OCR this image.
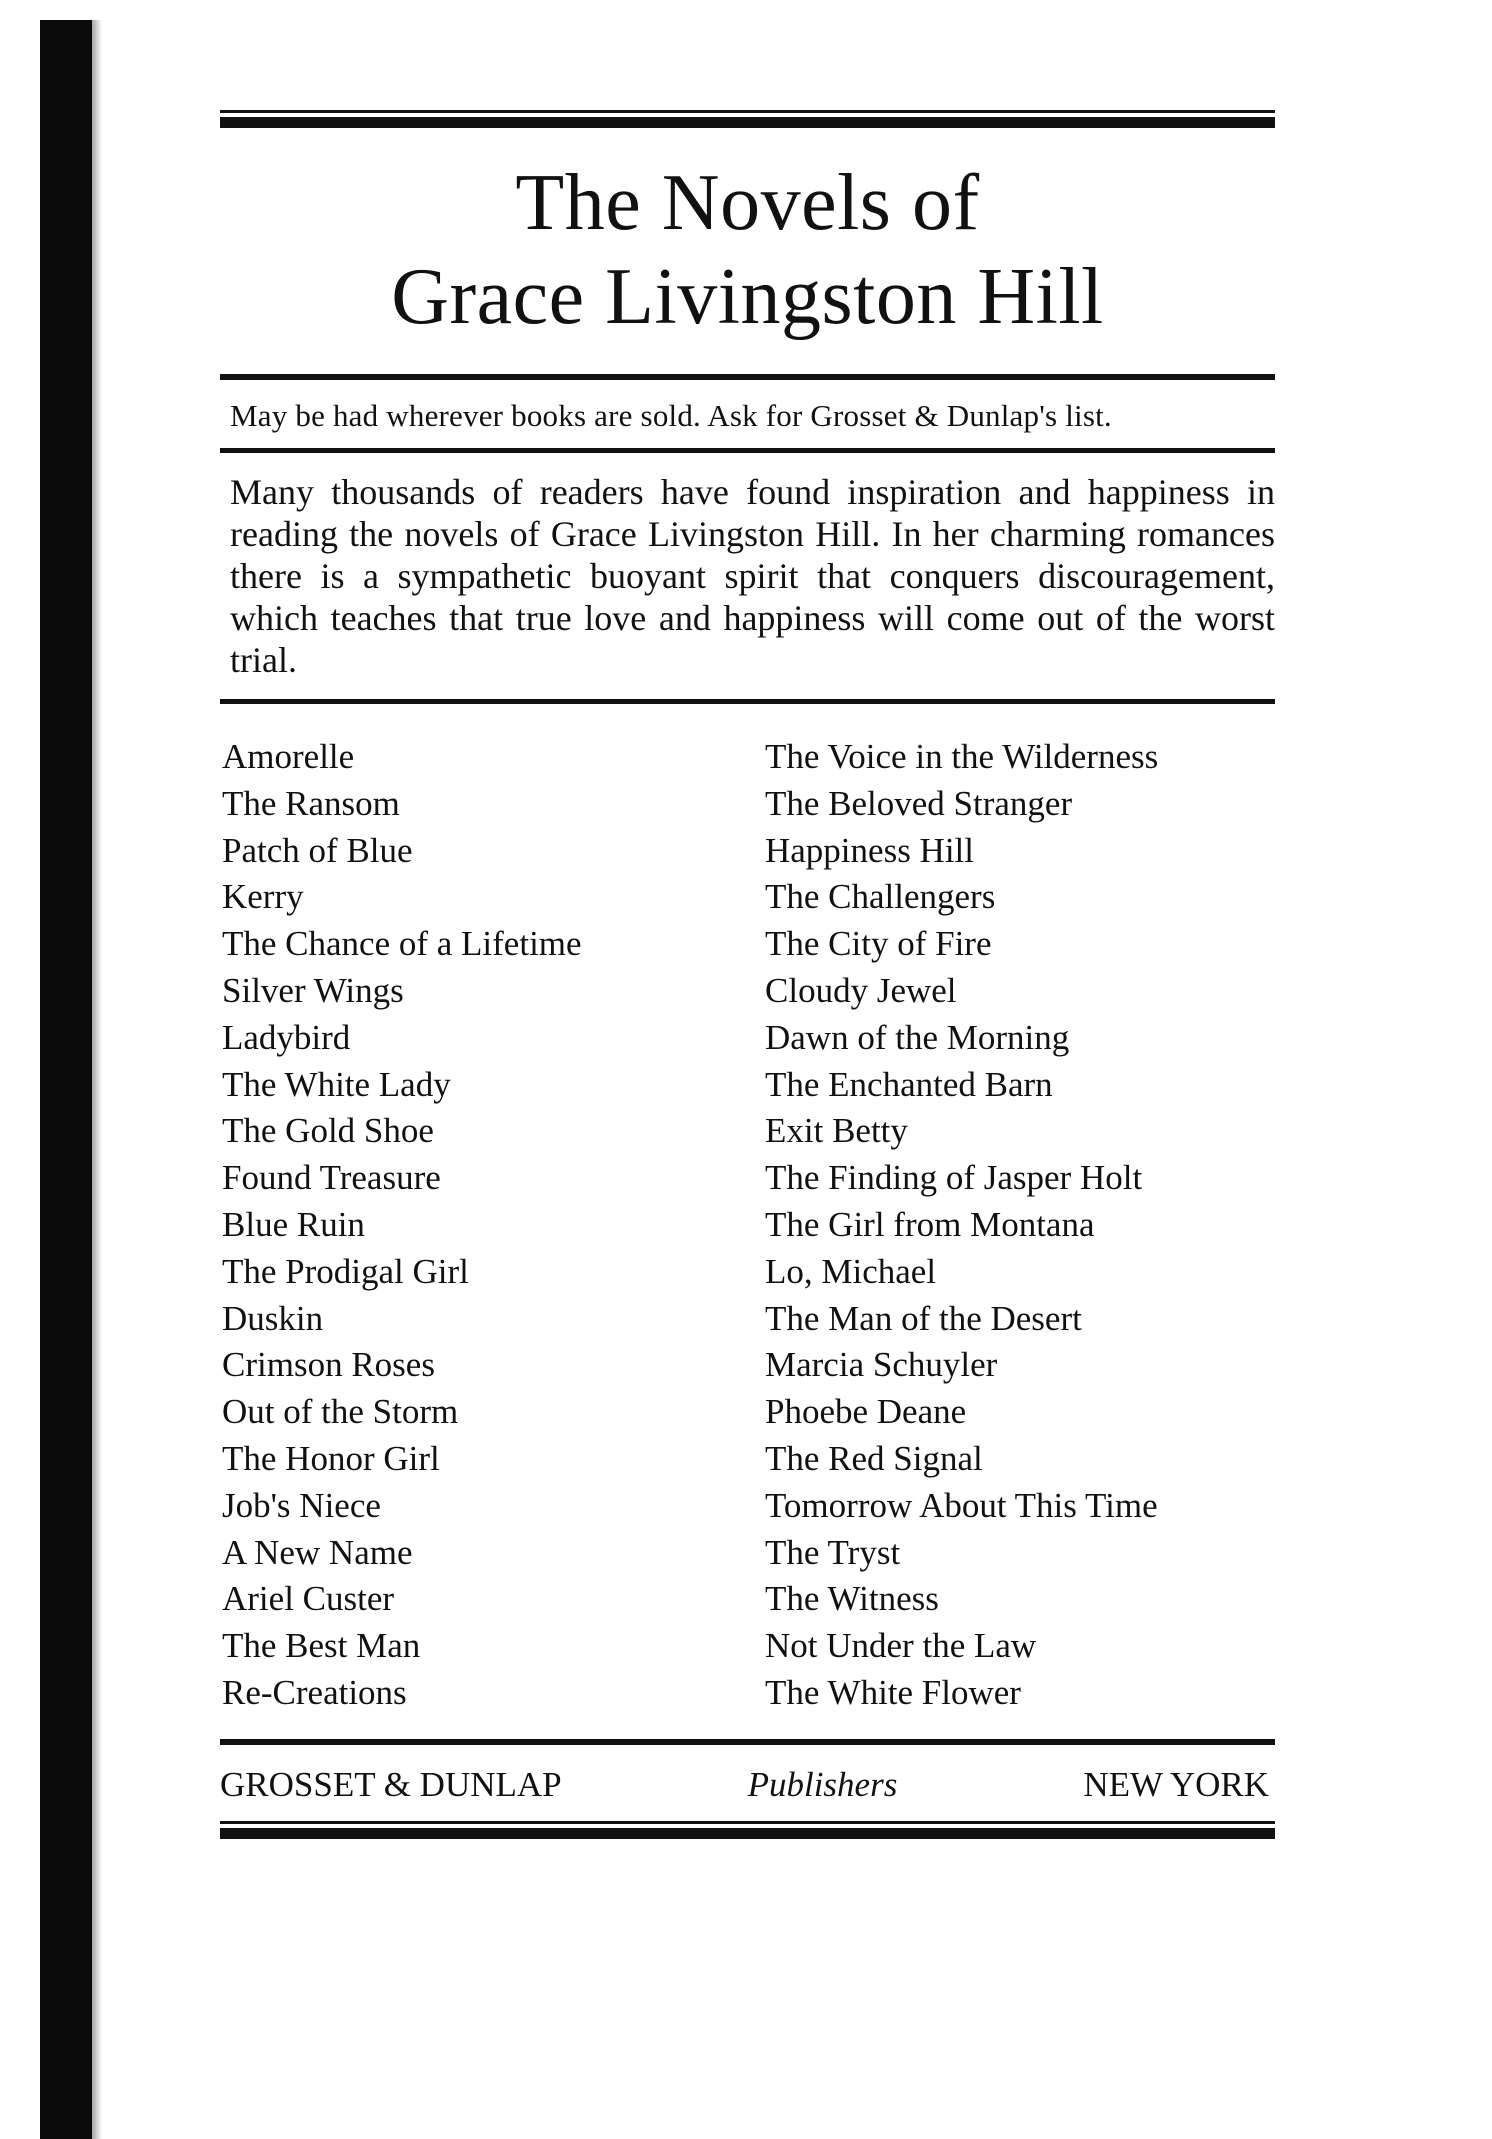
The Novels of
Grace Livingston Hill
May be had wherever books are sold. Ask for Grosset & Dunlap's list.
Many thousands of readers have found inspiration and happiness in reading the novels of Grace Livingston Hill. In her charming romances there is a sympathetic buoyant spirit that conquers discouragement, which teaches that true love and happiness will come out of the worst trial.
Amorelle
The Ransom
Patch of Blue
Kerry
The Chance of a Lifetime
Silver Wings
Ladybird
The White Lady
The Gold Shoe
Found Treasure
Blue Ruin
The Prodigal Girl
Duskin
Crimson Roses
Out of the Storm
The Honor Girl
Job's Niece
A New Name
Ariel Custer
The Best Man
Re-Creations
The Voice in the Wilderness
The Beloved Stranger
Happiness Hill
The Challengers
The City of Fire
Cloudy Jewel
Dawn of the Morning
The Enchanted Barn
Exit Betty
The Finding of Jasper Holt
The Girl from Montana
Lo, Michael
The Man of the Desert
Marcia Schuyler
Phoebe Deane
The Red Signal
Tomorrow About This Time
The Tryst
The Witness
Not Under the Law
The White Flower
GROSSET & DUNLAP	Publishers	NEW YORK
